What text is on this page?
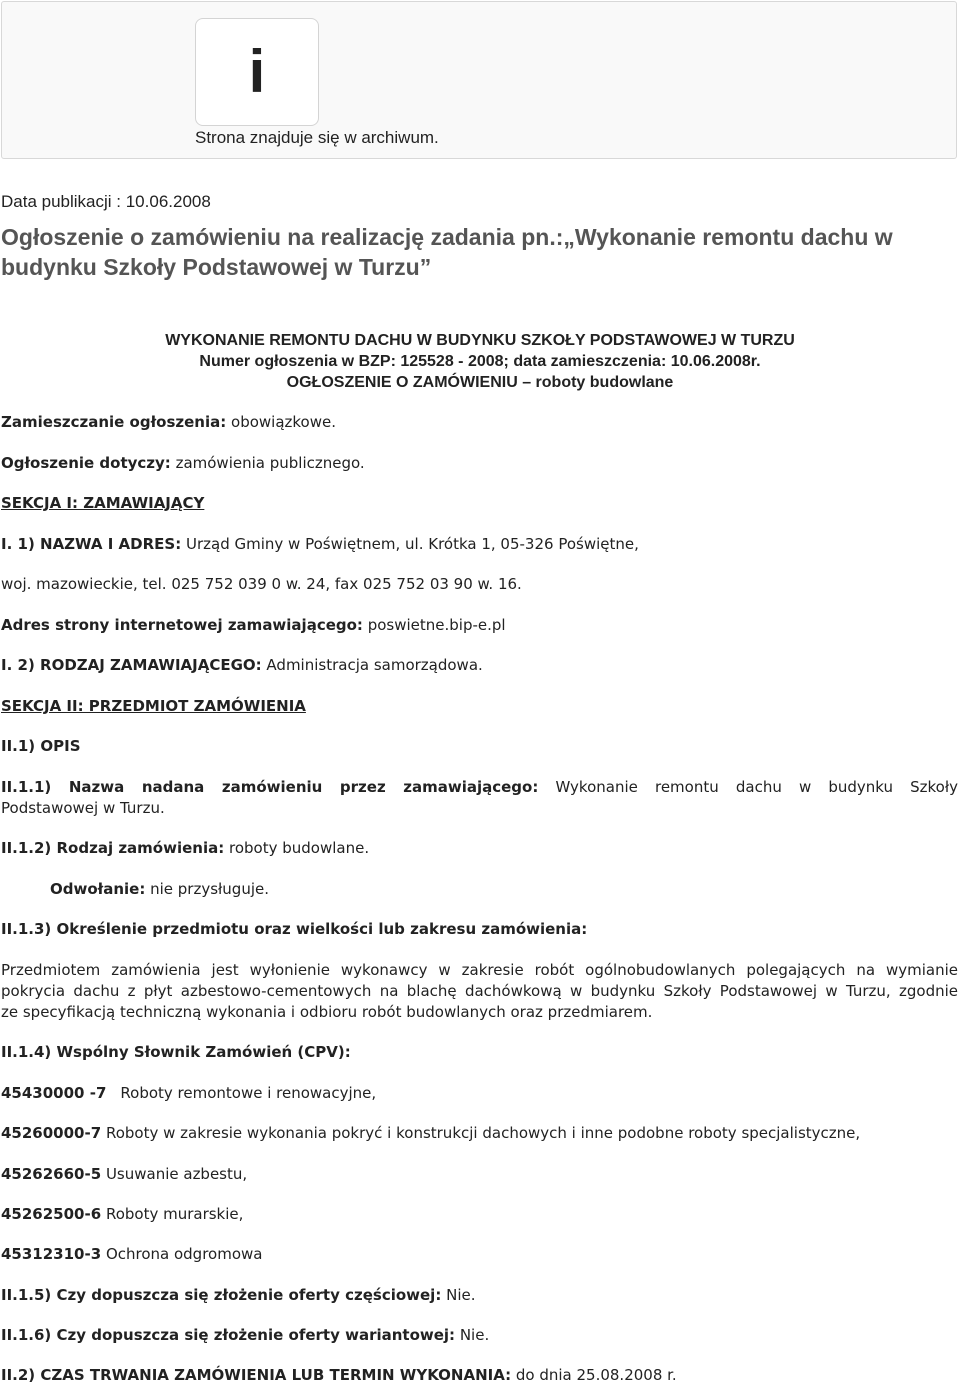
i
Strona znajduje się w archiwum.
Data publikacji : 10.06.2008
Ogłoszenie o zamówieniu na realizację zadania pn.:„Wykonanie remontu dachu w budynku Szkoły Podstawowej w Turzu”
WYKONANIE REMONTU DACHU W BUDYNKU SZKOŁY PODSTAWOWEJ W TURZU
Numer ogłoszenia w BZP: 125528 - 2008; data zamieszczenia: 10.06.2008r.
OGŁOSZENIE O ZAMÓWIENIU – roboty budowlane
Zamieszczanie ogłoszenia: obowiązkowe.
Ogłoszenie dotyczy: zamówienia publicznego.
SEKCJA I: ZAMAWIAJĄCY
I. 1) NAZWA I ADRES: Urząd Gminy w Poświętnem, ul. Krótka 1, 05-326 Poświętne,
woj. mazowieckie, tel. 025 752 039 0 w. 24, fax 025 752 03 90 w. 16.
Adres strony internetowej zamawiającego: poswietne.bip-e.pl
I. 2) RODZAJ ZAMAWIAJĄCEGO: Administracja samorządowa.
SEKCJA II: PRZEDMIOT ZAMÓWIENIA
II.1) OPIS
II.1.1) Nazwa nadana zamówieniu przez zamawiającego: Wykonanie remontu dachu w budynku Szkoły
Podstawowej w Turzu.
II.1.2) Rodzaj zamówienia: roboty budowlane.
Odwołanie: nie przysługuje.
II.1.3) Określenie przedmiotu oraz wielkości lub zakresu zamówienia:
Przedmiotem zamówienia jest wyłonienie wykonawcy w zakresie robót ogólnobudowlanych polegających na wymianie
pokrycia dachu z płyt azbestowo-cementowych na blachę dachówkową w budynku Szkoły Podstawowej w Turzu, zgodnie
ze specyfikacją techniczną wykonania i odbioru robót budowlanych oraz przedmiarem.
II.1.4) Wspólny Słownik Zamówień (CPV):
45430000 -7 Roboty remontowe i renowacyjne,
45260000-7 Roboty w zakresie wykonania pokryć i konstrukcji dachowych i inne podobne roboty specjalistyczne,
45262660-5 Usuwanie azbestu,
45262500-6 Roboty murarskie,
45312310-3 Ochrona odgromowa
II.1.5) Czy dopuszcza się złożenie oferty częściowej: Nie.
II.1.6) Czy dopuszcza się złożenie oferty wariantowej: Nie.
II.2) CZAS TRWANIA ZAMÓWIENIA LUB TERMIN WYKONANIA: do dnia 25.08.2008 r.
